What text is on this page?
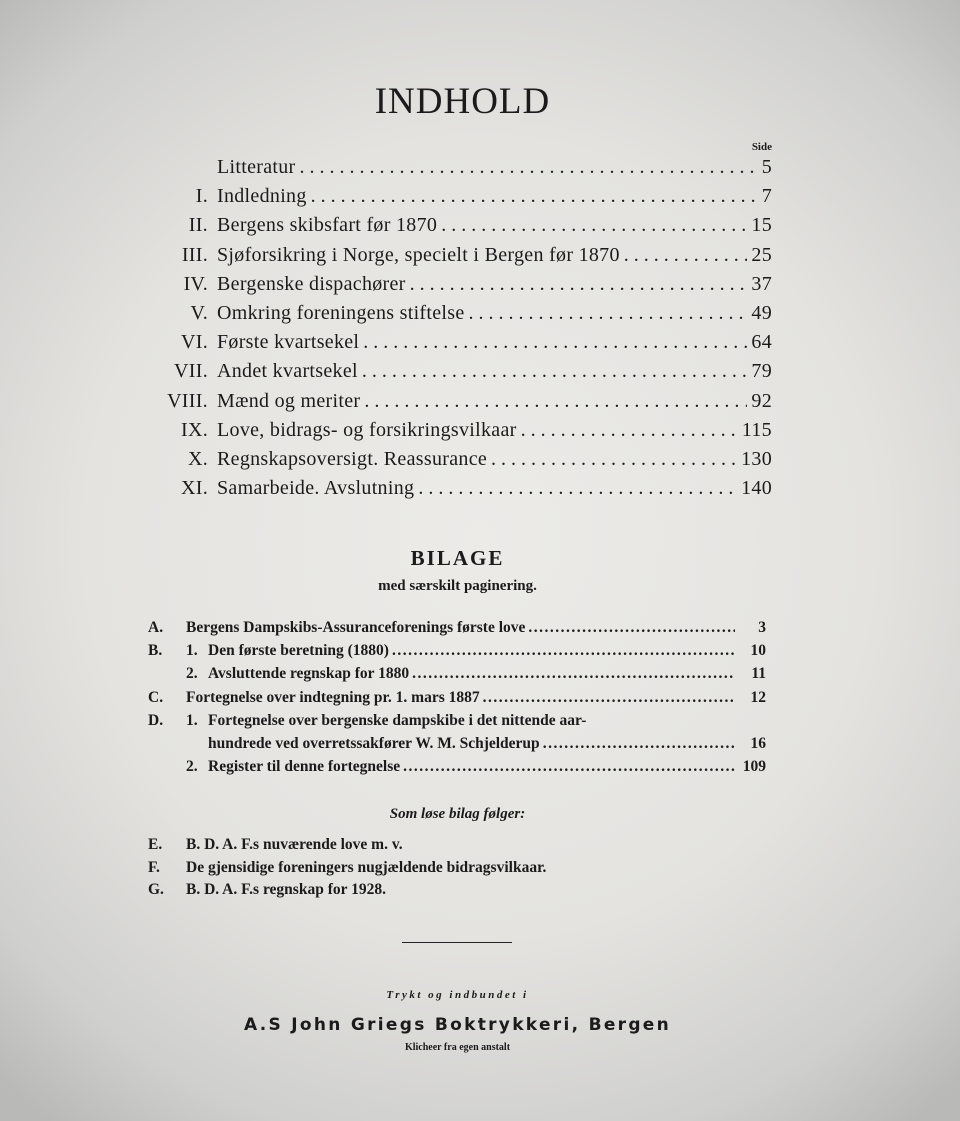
INDHOLD
Side
Litteratur . . .	5
I. Indledning . . .	7
II. Bergens skibsfart før 1870 . . .	15
III. Sjøforsikring i Norge, specielt i Bergen før 1870 . . .	25
IV. Bergenske dispachører . . .	37
V. Omkring foreningens stiftelse . . .	49
VI. Første kvartsekel . . .	64
VII. Andet kvartsekel . . .	79
VIII. Mænd og meriter . . .	92
IX. Love, bidrags- og forsikringsvilkaar . . .	115
X. Regnskapsoversigt. Reassurance . . .	130
XI. Samarbeide. Avslutning . . .	140
BILAGE
med særskilt paginering.
A.	Bergens Dampskibs-Assuranceforenings første love .....	3
B.	1. Den første beretning (1880) .....	10
2. Avsluttende regnskap for 1880 .....	11
C.	Fortegnelse over indtegning pr. 1. mars 1887 .....	12
D.	1. Fortegnelse over bergenske dampskibe i det nittende aar-
hundrede ved overretssakfører W. M. Schjelderup .....	16
2. Register til denne fortegnelse .....	109
Som løse bilag følger:
E.	B. D. A. F.s nuværende love m. v.
F.	De gjensidige foreningers nugjældende bidragsvilkaar.
G.	B. D. A. F.s regnskap for 1928.
Trykt og indbundet i
A.S John Griegs Boktrykkeri, Bergen
Klicheer fra egen anstalt
